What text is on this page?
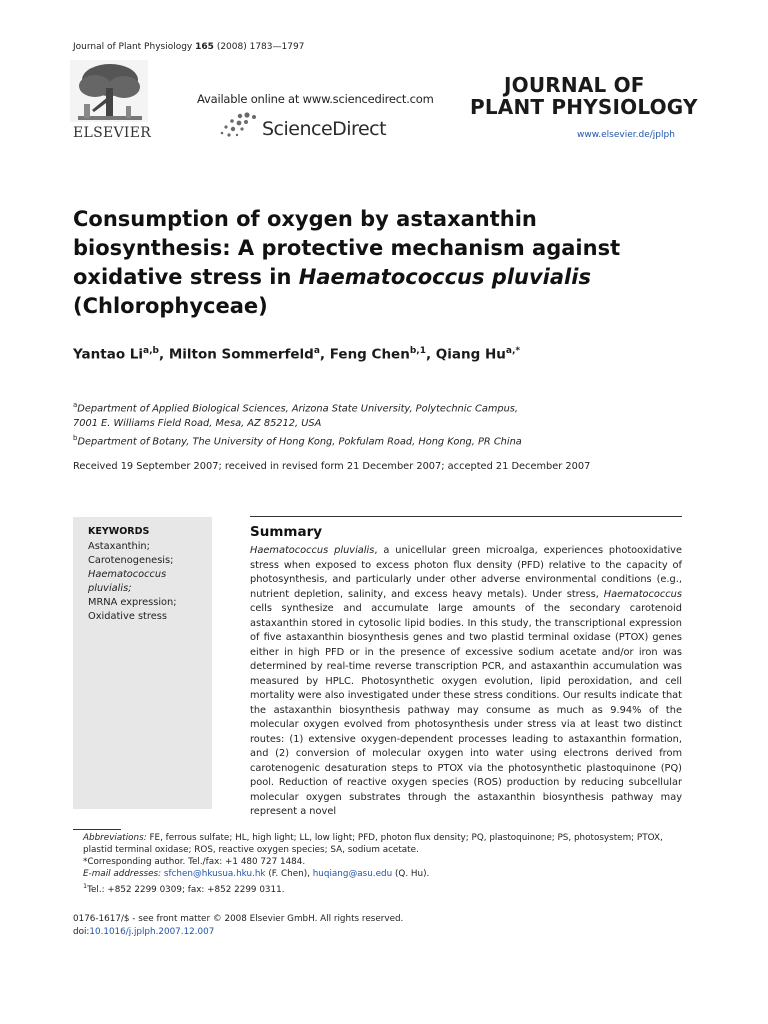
Journal of Plant Physiology 165 (2008) 1783—1797
ELSEVIER
Available online at www.sciencedirect.com
ScienceDirect
JOURNAL OF
PLANT PHYSIOLOGY
www.elsevier.de/jplph
Consumption of oxygen by astaxanthin biosynthesis: A protective mechanism against oxidative stress in Haematococcus pluvialis (Chlorophyceae)
Yantao Li$^{a,b}$, Milton Sommerfeld$^a$, Feng Chen$^{b,1}$, Qiang $Hu^{a,*}$
$^a$Department of Applied Biological Sciences, Arizona State University, Polytechnic Campus,
7001 E. Williams Field Road, Mesa, AZ 85212, USA
$^b$Department of Botany, The University of Hong Kong, Pokfulam Road, Hong Kong, PR China
Received 19 September 2007; received in revised form 21 December 2007; accepted 21 December 2007
KEYWORDS
Astaxanthin;
Carotenogenesis;
Haematococcus
pluvialis;
MRNA expression;
Oxidative stress
Summary

Haematococcus pluvialis, a unicellular green microalga, experiences photooxidative stress when exposed to excess photon flux density (PFD) relative to the capacity of photosynthesis, and particularly under other adverse environmental conditions (e.g., nutrient depletion, salinity, and excess heavy metals). Under stress, Haematococcus cells synthesize and accumulate large amounts of the secondary carotenoid astaxanthin stored in cytosolic lipid bodies. In this study, the transcriptional expression of five astaxanthin biosynthesis genes and two plastid terminal oxidase (PTOX) genes either in high PFD or in the presence of excessive sodium acetate and/or iron was determined by real-time reverse transcription PCR, and astaxanthin accumulation was measured by HPLC. Photosynthetic oxygen evolution, lipid peroxidation, and cell mortality were also investigated under these stress conditions. Our results indicate that the astaxanthin biosynthesis pathway may consume as much as 9.94% of the molecular oxygen evolved from photosynthesis under stress via at least two distinct routes: (1) extensive oxygen-dependent processes leading to astaxanthin formation, and (2) conversion of molecular oxygen into water using electrons derived from carotenogenic desaturation steps to PTOX via the photosynthetic plastoquinone (PQ) pool. Reduction of reactive oxygen species (ROS) production by reducing subcellular molecular oxygen substrates through the astaxanthin biosynthesis pathway may represent a novel

Abbreviations: FE, ferrous sulfate; HL, high light; LL, low light; PFD, photon flux density; PQ, plastoquinone; PS, photosystem; PTOX, plastid terminal oxidase; ROS, reactive oxygen species; SA, sodium acetate.
*Corresponding author. Tel./fax: +1 480 727 1484.
E-mail addresses: sfchen@hkusua.hku.hk (F. Chen), huqiang@asu.edu (Q. Hu).
$^1$Tel.: +852 2299 0309; fax: +852 2299 0311.
0176-1617/$ - see front matter © 2008 Elsevier GmbH. All rights reserved.
doi:10.1016/j.jplph.2007.12.007
